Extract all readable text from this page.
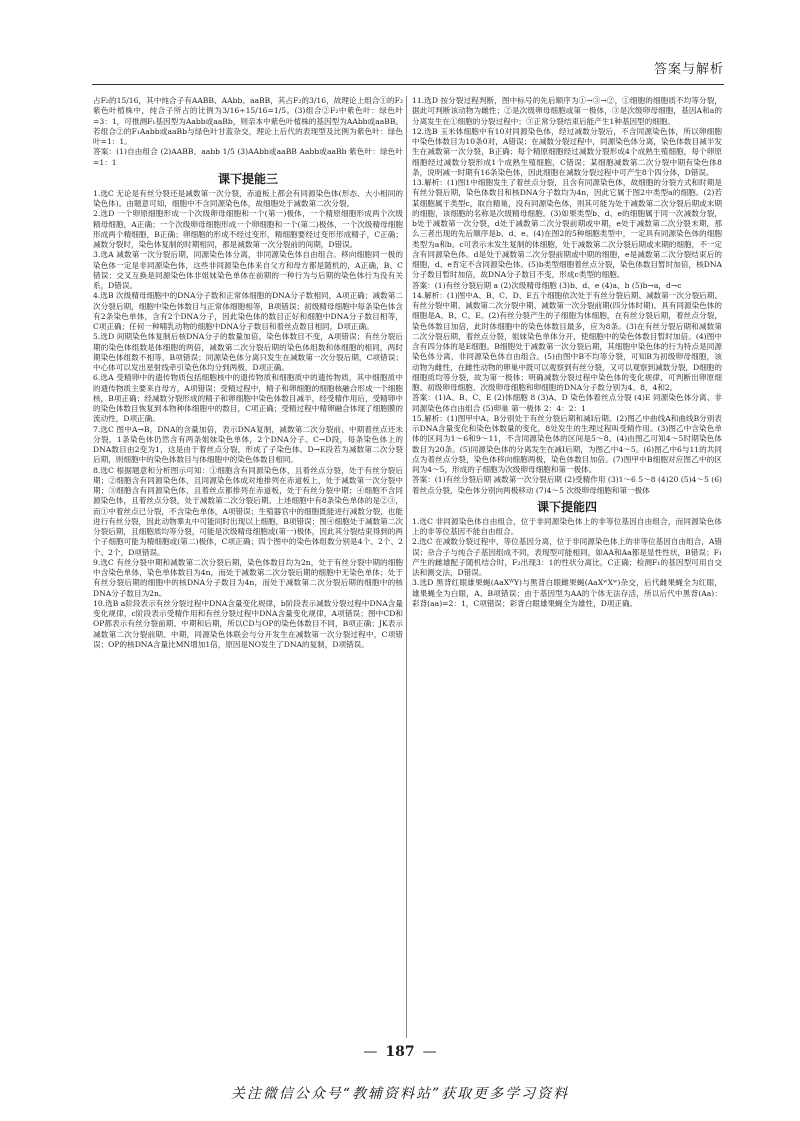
答案与解析

占F₂的15/16，其中纯合子有AABB、AAbb、aaBB，其占F₂的3/16，故理论上组合①的F₂紫色叶植株中，纯合子所占的比例为3/16÷15/16=1/5。(3)组合②F₂中紫色叶：绿色叶=3：1，可推测F₁基因型为Aabb或aaBb，则亲本中紫色叶植株的基因型为AAbb或aaBB。若组合②的F₁Aabb或aaBb与绿色叶甘蓝杂交，理论上后代的表现型及比例为紫色叶：绿色叶=1：1。

答案：(1)自由组合 (2)AABB、aabb 1/5 (3)AAbb或aaBB Aabb或aaBb 紫色叶：绿色叶=1：1

课下提能三

1.选C 无论是有丝分裂还是减数第一次分裂，赤道板上都会有同源染色体(形态、大小相同的染色体)。由题意可知，细胞中不含同源染色体，故细胞处于减数第二次分裂。

2.选D 一个卵原细胞形成一个次级卵母细胞和一个(第一)极体，一个精原细胞形成两个次级精母细胞，A正确；一个次级卵母细胞形成一个卵细胞和一个(第二)极体，一个次级精母细胞形成两个精细胞，B正确；卵细胞的形成不经过变形，精细胞要经过变形形成精子，C正确；减数分裂时，染色体复制的时期相同，都是减数第一次分裂前的间期，D错误。

3.选A 减数第一次分裂后期，同源染色体分离，非同源染色体自由组合。移向细胞同一极的染色体一定是非同源染色体，这些非同源染色体来自父方和母方都是随机的，A正确，B、C错误；交叉互换是同源染色体非姐妹染色单体在前期的一种行为与后期的染色体行为没有关系，D错误。

4.选B 次级精母细胞中的DNA分子数和正常体细胞的DNA分子数相同，A项正确；减数第二次分裂后期，细胞中染色体数目与正常体细胞相等，B项错误；初级精母细胞中每条染色体含有2条染色单体，含有2个DNA分子，因此染色体的数目正好和细胞中DNA分子数目相等，C项正确；任何一种哺乳动物的细胞中DNA分子数目和着丝点数目相同，D项正确。

5.选D 间期染色体复制后核DNA分子的数量加倍，染色体数目不变，A项错误；有丝分裂后期的染色体组数是体细胞的两倍，减数第二次分裂后期的染色体组数和体细胞的相同，两时期染色体组数不相等，B项错误；同源染色体分离只发生在减数第一次分裂后期，C项错误；中心体可以发出星射线牵引染色体均分到两极，D项正确。

6.选A 受精卵中的遗传物质包括细胞核中的遗传物质和细胞质中的遗传物质，其中细胞质中的遗传物质主要来自母方，A项错误；受精过程中，精子和卵细胞的细胞核融合形成一个细胞核，B项正确；经减数分裂形成的精子和卵细胞中染色体数目减半，经受精作用后，受精卵中的染色体数目恢复到本物种体细胞中的数目，C项正确；受精过程中精卵融合体现了细胞膜的流动性，D项正确。

7.选C 图中A→B，DNA的含量加倍，表示DNA复制，减数第二次分裂前、中期着丝点还未分裂，1条染色体仍然含有两条姐妹染色单体，2个DNA分子。C→D段，每条染色体上的DNA数目由2变为1，这是由于着丝点分裂，形成了子染色体。D→E段若为减数第二次分裂后期，则细胞中的染色体数目与体细胞中的染色体数目相同。

8.选C 根据题意和分析图示可知：①细胞含有同源染色体，且着丝点分裂，处于有丝分裂后期；②细胞含有同源染色体，且同源染色体成对地排列在赤道板上，处于减数第一次分裂中期；③细胞含有同源染色体，且着丝点都排列在赤道板，处于有丝分裂中期；④细胞不含同源染色体，且着丝点分裂，处于减数第二次分裂后期。上述细胞中有8条染色单体的是②③，而①中着丝点已分裂，不含染色单体，A项错误；生殖器官中的细胞既能进行减数分裂，也能进行有丝分裂，因此动物睾丸中可能同时出现以上细胞，B项错误；图④细胞处于减数第二次分裂后期，且细胞质均等分裂，可能是次级精母细胞或(第一)极体，因此其分裂结束得到的两个子细胞可能为精细胞或(第二)极体，C项正确；四个图中的染色体组数分别是4个、2个、2个、2个，D项错误。

9.选C 有丝分裂中期和减数第二次分裂后期，染色体数目均为2n，处于有丝分裂中期的细胞中含染色单体，染色单体数目为4n，而处于减数第二次分裂后期的细胞中无染色单体；处于有丝分裂后期的细胞中的核DNA分子数目为4n，而处于减数第二次分裂后期的细胞中的核DNA分子数目为2n。

10.选B a阶段表示有丝分裂过程中DNA含量变化规律，b阶段表示减数分裂过程中DNA含量变化规律，c阶段表示受精作用和有丝分裂过程中DNA含量变化规律，A项错误；图中CD和OP都表示有丝分裂前期、中期和后期，所以CD与OP的染色体数目不同，B项正确；JK表示减数第二次分裂前期、中期，同源染色体联会与分开发生在减数第一次分裂过程中，C项错误；OP的核DNA含量比MN增加1倍，原因是NO发生了DNA的复制，D项错误。

11.选D 按分裂过程判断，图中标号的先后顺序为①→③→②，①细胞的细胞质不均等分裂，据此可判断该动物为雌性；②是次级卵母细胞或第一极体，③是次级卵母细胞，基因A和a的分离发生在①细胞的分裂过程中；③正常分裂结束后能产生1种基因型的细胞。

12.选B 玉米体细胞中有10对同源染色体，经过减数分裂后，不含同源染色体，所以卵细胞中染色体数目为10条0对，A错误；在减数分裂过程中，同源染色体分离，染色体数目减半发生在减数第一次分裂，B正确；每个精原细胞经过减数分裂形成4个成熟生殖细胞，每个卵原细胞经过减数分裂形成1个成熟生殖细胞，C错误；某细胞减数第二次分裂中期有染色体8条，说明减一时期有16条染色体，因此细胞在减数分裂过程中可产生8个四分体，D错误。

13.解析：(1)图1中细胞发生了着丝点分裂，且含有同源染色体，故细胞的分裂方式和时期是有丝分裂后期，染色体数目和核DNA分子数均为4n，因此它属于图2中类型a的细胞。(2)若某细胞属于类型c，取自精巢，没有同源染色体，则其可能为处于减数第二次分裂后期或末期的细胞，该细胞的名称是次级精母细胞。(3)如果类型b、d、e的细胞属于同一次减数分裂，b处于减数第一次分裂，d处于减数第二次分裂前期或中期，e处于减数第二次分裂末期，那么三者出现的先后顺序是b、d、e。(4)在图2的5种细胞类型中，一定具有同源染色体的细胞类型为a和b。c可表示未发生复制的体细胞，处于减数第二次分裂后期或末期的细胞，不一定含有同源染色体。d是处于减数第二次分裂前期或中期的细胞，e是减数第二次分裂结束后的细胞，d、e肯定不含同源染色体。(5)b类型细胞着丝点分裂，染色体数目暂时加倍，核DNA分子数目暂时加倍，故DNA分子数目不变，形成c类型的细胞。

答案：(1)有丝分裂后期 a (2)次级精母细胞 (3)b、d、e (4)a、b (5)b→a，d→c

14.解析：(1)图中A、B、C、D、E五个细胞依次处于有丝分裂后期、减数第一次分裂后期、有丝分裂中期、减数第二次分裂中期、减数第一次分裂前期(四分体时期)。具有同源染色体的细胞是A、B、C、E。(2)有丝分裂产生的子细胞为体细胞，在有丝分裂后期，着丝点分裂，染色体数目加倍，此时体细胞中的染色体数目最多，应为8条。(3)在有丝分裂后期和减数第二次分裂后期，着丝点分裂，姐妹染色单体分开，使细胞中的染色体数目暂时加倍。(4)图中含有四分体的是E细胞。B细胞处于减数第一次分裂后期，其细胞中染色体的行为特点是同源染色体分离，非同源染色体自由组合。(5)由图中B不均等分裂，可知B为初级卵母细胞，该动物为雌性，在雌性动物的卵巢中既可以观察到有丝分裂，又可以观察到减数分裂，D细胞的细胞质均等分裂，故为第一极体；明确减数分裂过程中染色体的变化规律，可判断出卵原细胞、初级卵母细胞、次级卵母细胞和卵细胞的DNA分子数分别为4、8、4和2。

答案：(1)A、B、C、E (2)体细胞 8 (3)A、D 染色体着丝点分裂 (4)E 同源染色体分离、非同源染色体自由组合 (5)卵巢 第一极体 2：4：2：1

15.解析：(1)图甲中A、B分别处于有丝分裂后期和减Ⅰ后期。(2)图乙中曲线A和曲线B分别表示DNA含量变化和染色体数量的变化，8处发生的生理过程叫受精作用。(3)图乙中含染色单体的区间为1～6和9～11，不含同源染色体的区间是5～8。(4)由图乙可知4～5时期染色体数目为20条。(5)同源染色体的分离发生在减Ⅰ后期，为图乙中4～5。(6)图乙中6与11的共同点为着丝点分裂，染色体移向细胞两极，染色体数目加倍。(7)图甲中B细胞对应图乙中的区间为4～5，形成的子细胞为次级卵母细胞和第一极体。

答案：(1)有丝分裂后期 减数第一次分裂后期 (2)受精作用 (3)1～6 5～8 (4)20 (5)4～5 (6)着丝点分裂，染色体分别向两极移动 (7)4～5 次级卵母细胞和第一极体

课下提能四

1.选C 非同源染色体自由组合，位于非同源染色体上的非等位基因自由组合，而同源染色体上的非等位基因不能自由组合。

2.选C 在减数分裂过程中，等位基因分离，位于非同源染色体上的非等位基因自由组合，A错误；杂合子与纯合子基因组成不同，表现型可能相同，如AA和Aa都是显性性状，B错误；F₁产生的雌雄配子随机结合时，F₂出现3：1的性状分离比，C正确；检测F₁的基因型可用自交法和测交法，D错误。

3.选D 黑背红眼雄果蝇(AaXᵂY)与黑背白眼雌果蝇(AaXʷXʷ)杂交，后代雌果蝇全为红眼，雄果蝇全为白眼，A、B项错误；由于基因型为AA的个体无法存活，所以后代中黑背(Aa)：彩背(aa)=2：1，C项错误；彩背白眼雄果蝇全为雄性，D项正确。

— 187 —
关注微信公众号“教辅资料站”获取更多学习资料
